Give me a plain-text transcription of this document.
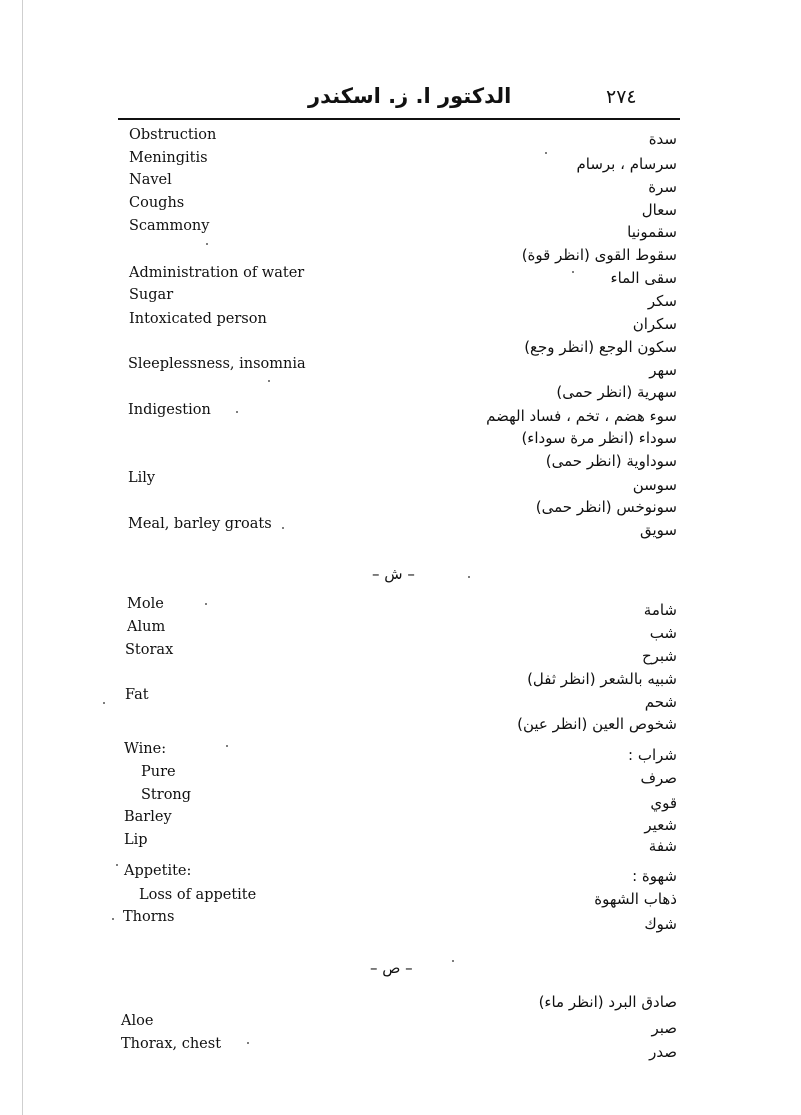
الدكتور ا. ز. اسكندر	٢٧٤
Obstruction	سدة
Meningitis	سرسام ، برسام
Navel	سرة
Coughs	سعال
Scammony	سقمونيا
سقوط القوى (انظر قوة)
Administration of water	سقى الماء
Sugar	سكر
Intoxicated person	سكران
سكون الوجع (انظر وجع)
Sleeplessness, insomnia	سهر
سهرية (انظر حمى)
Indigestion	سوء هضم ، تخم ، فساد الهضم
سوداء (انظر مرة سوداء)
سوداوية (انظر حمى)
Lily	سوسن
سونوخس (انظر حمى)
Meal, barley groats	سويق
– ش –
Mole	شامة
Alum	شب
Storax	شبرح
شبيه بالشعر (انظر ثفل)
Fat	شحم
شخوص العين (انظر عين)
Wine:	شراب :
Pure	صرف
Strong	قوي
Barley	شعير
Lip	شفة
Appetite:	شهوة :
Loss of appetite	ذهاب الشهوة
Thorns	شوك
– ص –
صادق البرد (انظر ماء)
Aloe	صبر
Thorax, chest	صدر
